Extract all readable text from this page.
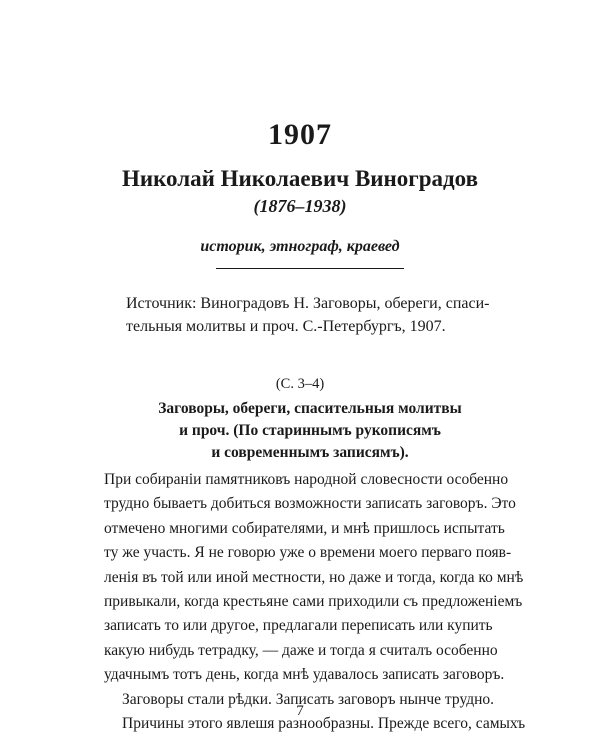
1907
Николай Николаевич Виноградов
(1876–1938)
историк, этнограф, краевед
Источник: Виноградовъ Н. Заговоры, обереги, спаси-
тельныя молитвы и проч. С.-Петербургъ, 1907.
(С. 3–4)
Заговоры, обереги, спасительныя молитвы
и проч. (По стариннымъ рукописямъ
и современнымъ записямъ).
При собиранiи памятниковъ народной словесности особенно
трудно бываетъ добиться возможности записать заговоръ. Это
отмечено многими собирателями, и мнѣ пришлось испытать
ту же участь. Я не говорю уже о времени моего перваго появ-
ленiя въ той или иной местности, но даже и тогда, когда ко мнѣ
привыкали, когда крестьяне сами приходили съ предложенiемъ
записать то или другое, предлагали переписать или купить
какую нибудь тетрадку, — даже и тогда я считалъ особенно
удачнымъ тотъ день, когда мнѣ удавалось записать заговоръ.
Заговоры стали рѣдки. Записать заговоръ нынче трудно.
Причины этого явлешя разнообразны. Прежде всего, самыхъ
7
